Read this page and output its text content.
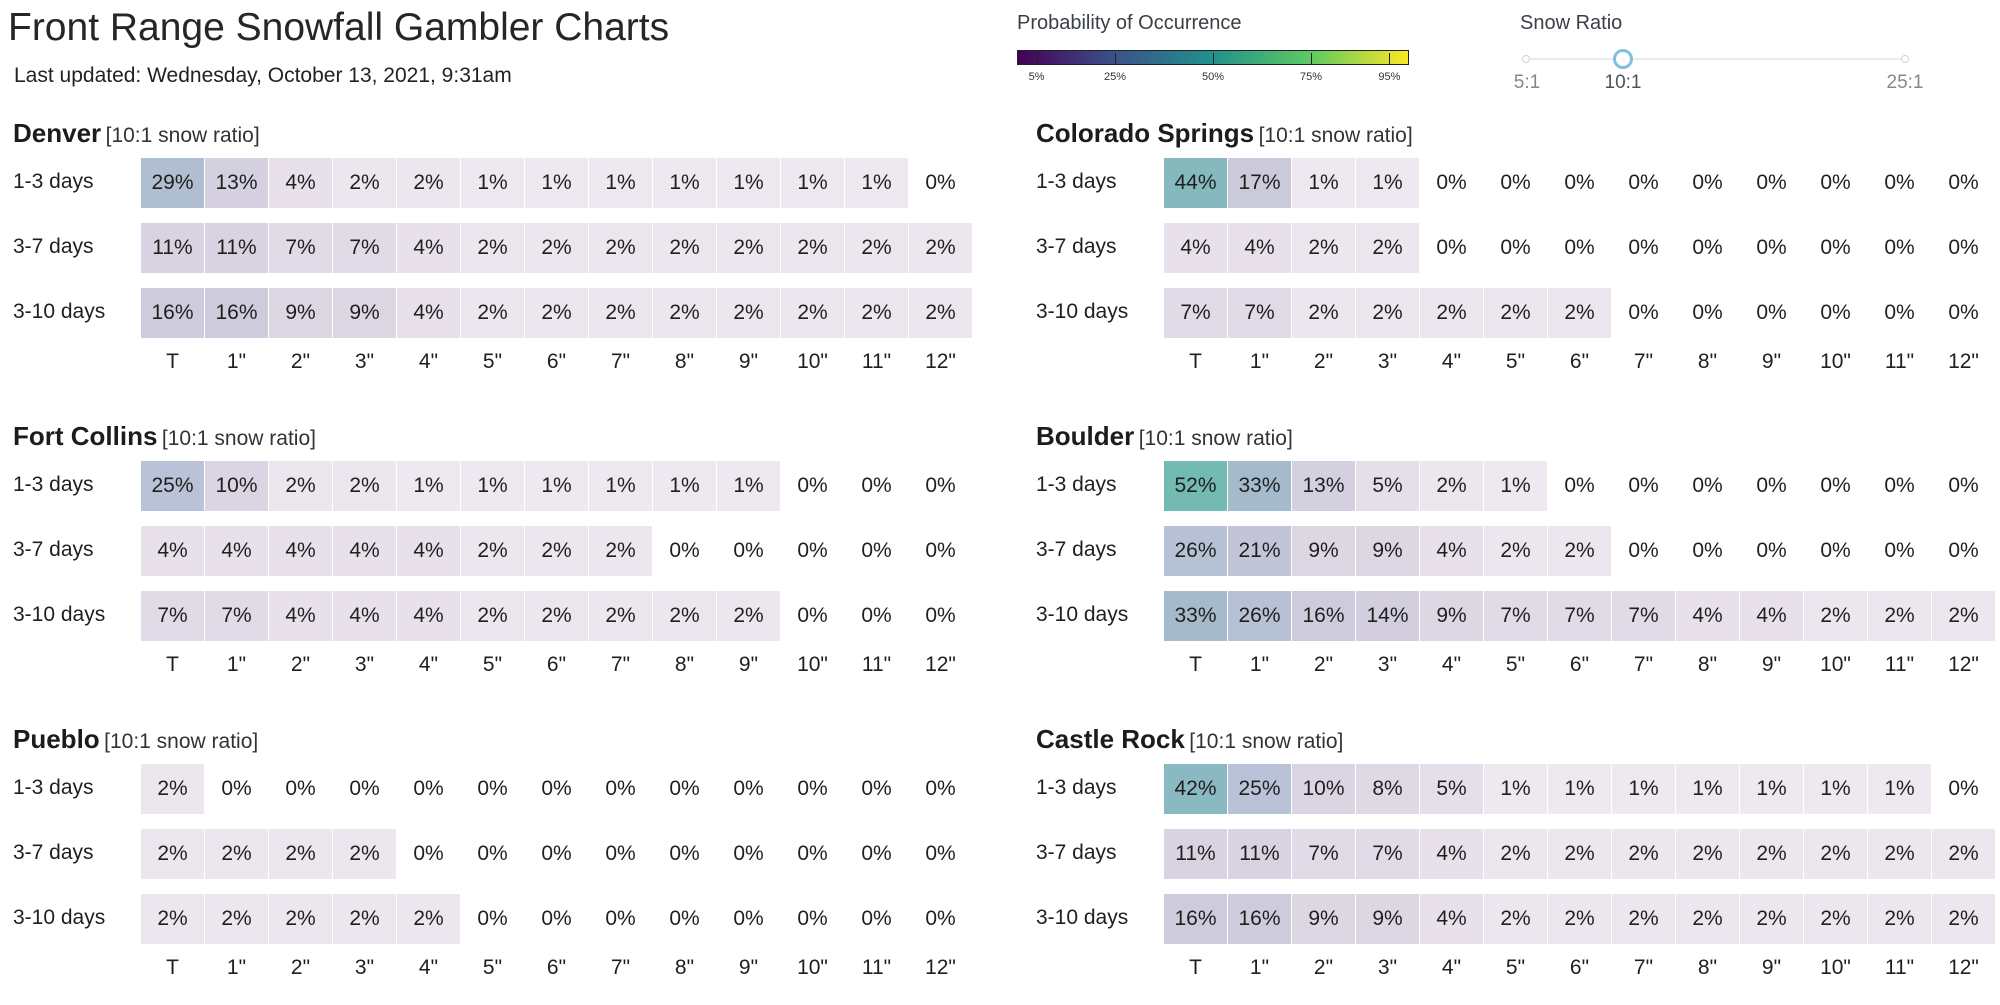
Front Range Snowfall Gambler Charts
Last updated: Wednesday, October 13, 2021, 9:31am
Probability of Occurrence
5%	25%	50%	75%	95%
Snow Ratio
5:1	10:1	25:1
Denver [10:1 snow ratio]
1-3 days	29%	13%	4%	2%	2%	1%	1%	1%	1%	1%	1%	1%	0%
3-7 days	11%	11%	7%	7%	4%	2%	2%	2%	2%	2%	2%	2%	2%
3-10 days	16%	16%	9%	9%	4%	2%	2%	2%	2%	2%	2%	2%	2%
T	1"	2"	3"	4"	5"	6"	7"	8"	9"	10"	11"	12"
Colorado Springs [10:1 snow ratio]
1-3 days	44%	17%	1%	1%	0%	0%	0%	0%	0%	0%	0%	0%	0%
3-7 days	4%	4%	2%	2%	0%	0%	0%	0%	0%	0%	0%	0%	0%
3-10 days	7%	7%	2%	2%	2%	2%	2%	0%	0%	0%	0%	0%	0%
T	1"	2"	3"	4"	5"	6"	7"	8"	9"	10"	11"	12"
Fort Collins [10:1 snow ratio]
1-3 days	25%	10%	2%	2%	1%	1%	1%	1%	1%	1%	0%	0%	0%
3-7 days	4%	4%	4%	4%	4%	2%	2%	2%	0%	0%	0%	0%	0%
3-10 days	7%	7%	4%	4%	4%	2%	2%	2%	2%	2%	0%	0%	0%
T	1"	2"	3"	4"	5"	6"	7"	8"	9"	10"	11"	12"
Boulder [10:1 snow ratio]
1-3 days	52%	33%	13%	5%	2%	1%	0%	0%	0%	0%	0%	0%	0%
3-7 days	26%	21%	9%	9%	4%	2%	2%	0%	0%	0%	0%	0%	0%
3-10 days	33%	26%	16%	14%	9%	7%	7%	7%	4%	4%	2%	2%	2%
T	1"	2"	3"	4"	5"	6"	7"	8"	9"	10"	11"	12"
Pueblo [10:1 snow ratio]
1-3 days	2%	0%	0%	0%	0%	0%	0%	0%	0%	0%	0%	0%	0%
3-7 days	2%	2%	2%	2%	0%	0%	0%	0%	0%	0%	0%	0%	0%
3-10 days	2%	2%	2%	2%	2%	0%	0%	0%	0%	0%	0%	0%	0%
T	1"	2"	3"	4"	5"	6"	7"	8"	9"	10"	11"	12"
Castle Rock [10:1 snow ratio]
1-3 days	42%	25%	10%	8%	5%	1%	1%	1%	1%	1%	1%	1%	0%
3-7 days	11%	11%	7%	7%	4%	2%	2%	2%	2%	2%	2%	2%	2%
3-10 days	16%	16%	9%	9%	4%	2%	2%	2%	2%	2%	2%	2%	2%
T	1"	2"	3"	4"	5"	6"	7"	8"	9"	10"	11"	12"
